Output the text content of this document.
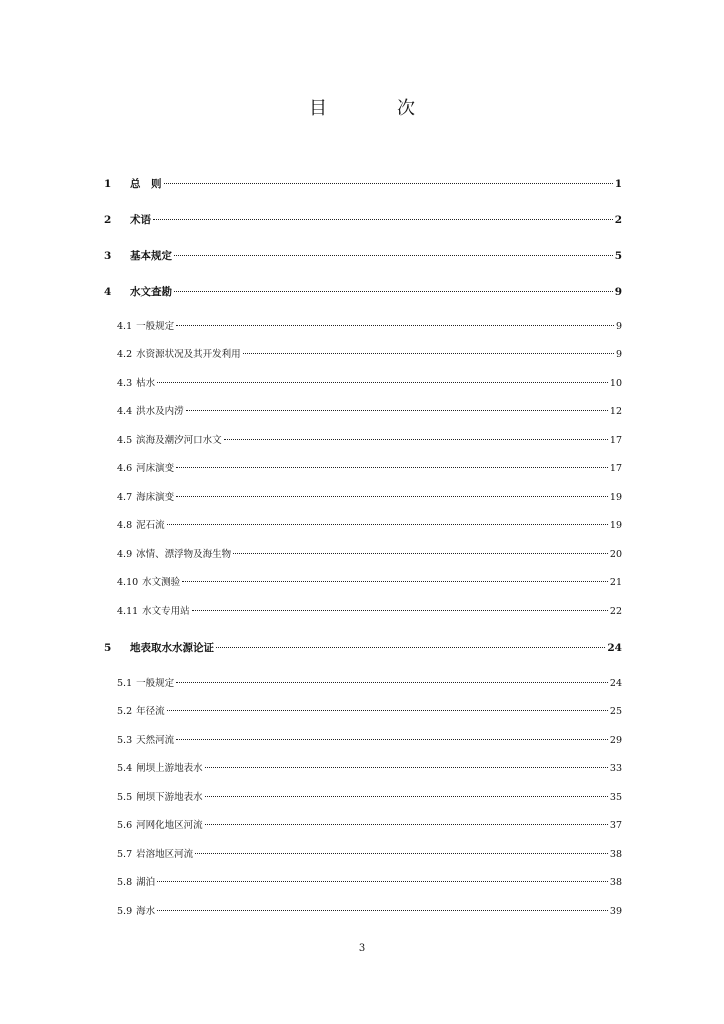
目　次
1	总　则	1
2	术语	2
3	基本规定	5
4	水文查勘	9
4.1 一般规定	9
4.2 水资源状况及其开发利用	9
4.3 枯水	10
4.4 洪水及内涝	12
4.5 滨海及潮汐河口水文	17
4.6 河床演变	17
4.7 海床演变	19
4.8 泥石流	19
4.9 冰情、漂浮物及海生物	20
4.10 水文测验	21
4.11 水文专用站	22
5	地表取水水源论证	24
5.1 一般规定	24
5.2 年径流	25
5.3 天然河流	29
5.4 闸坝上游地表水	33
5.5 闸坝下游地表水	35
5.6 河网化地区河流	37
5.7 岩溶地区河流	38
5.8 湖泊	38
5.9 海水	39
3
